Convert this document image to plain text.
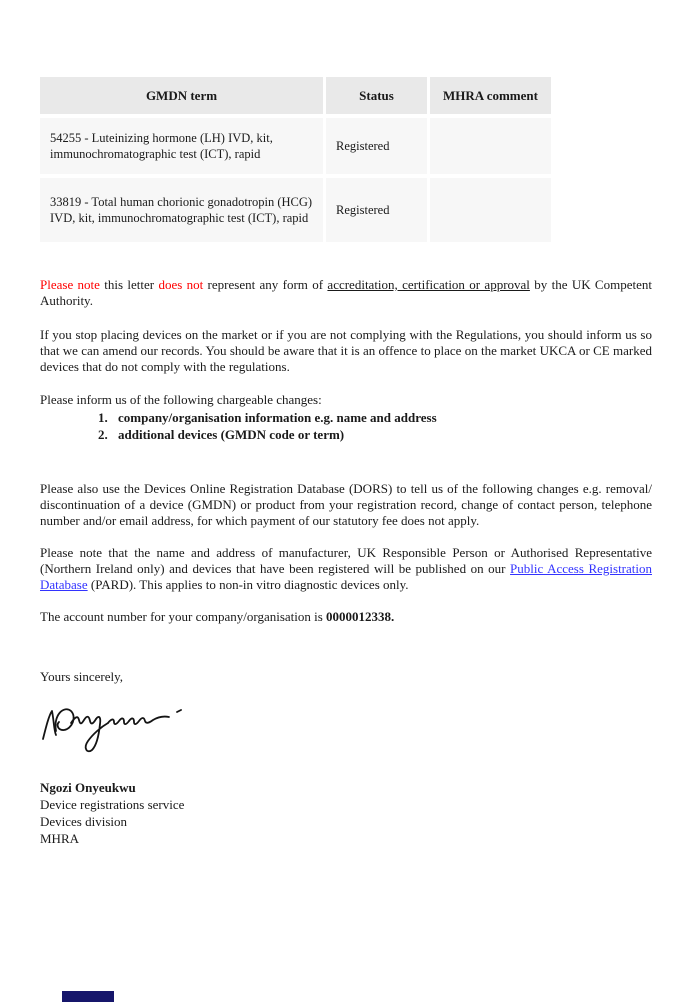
GMDN term	Status	MHRA comment
54255 - Luteinizing hormone (LH) IVD, kit, immunochromatographic test (ICT), rapid	Registered	
33819 - Total human chorionic gonadotropin (HCG) IVD, kit, immunochromatographic test (ICT), rapid	Registered	

Please note this letter does not represent any form of accreditation, certification or approval by the UK Competent Authority.

If you stop placing devices on the market or if you are not complying with the Regulations, you should inform us so that we can amend our records. You should be aware that it is an offence to place on the market UKCA or CE marked devices that do not comply with the regulations.

Please inform us of the following chargeable changes:

1. company/organisation information e.g. name and address
2. additional devices (GMDN code or term)

Please also use the Devices Online Registration Database (DORS) to tell us of the following changes e.g. removal/ discontinuation of a device (GMDN) or product from your registration record, change of contact person, telephone number and/or email address, for which payment of our statutory fee does not apply.

Please note that the name and address of manufacturer, UK Responsible Person or Authorised Representative (Northern Ireland only) and devices that have been registered will be published on our Public Access Registration Database (PARD). This applies to non-in vitro diagnostic devices only.

The account number for your company/organisation is 0000012338.

Yours sincerely,

Ngozi Onyeukwu
Device registrations service
Devices division
MHRA
